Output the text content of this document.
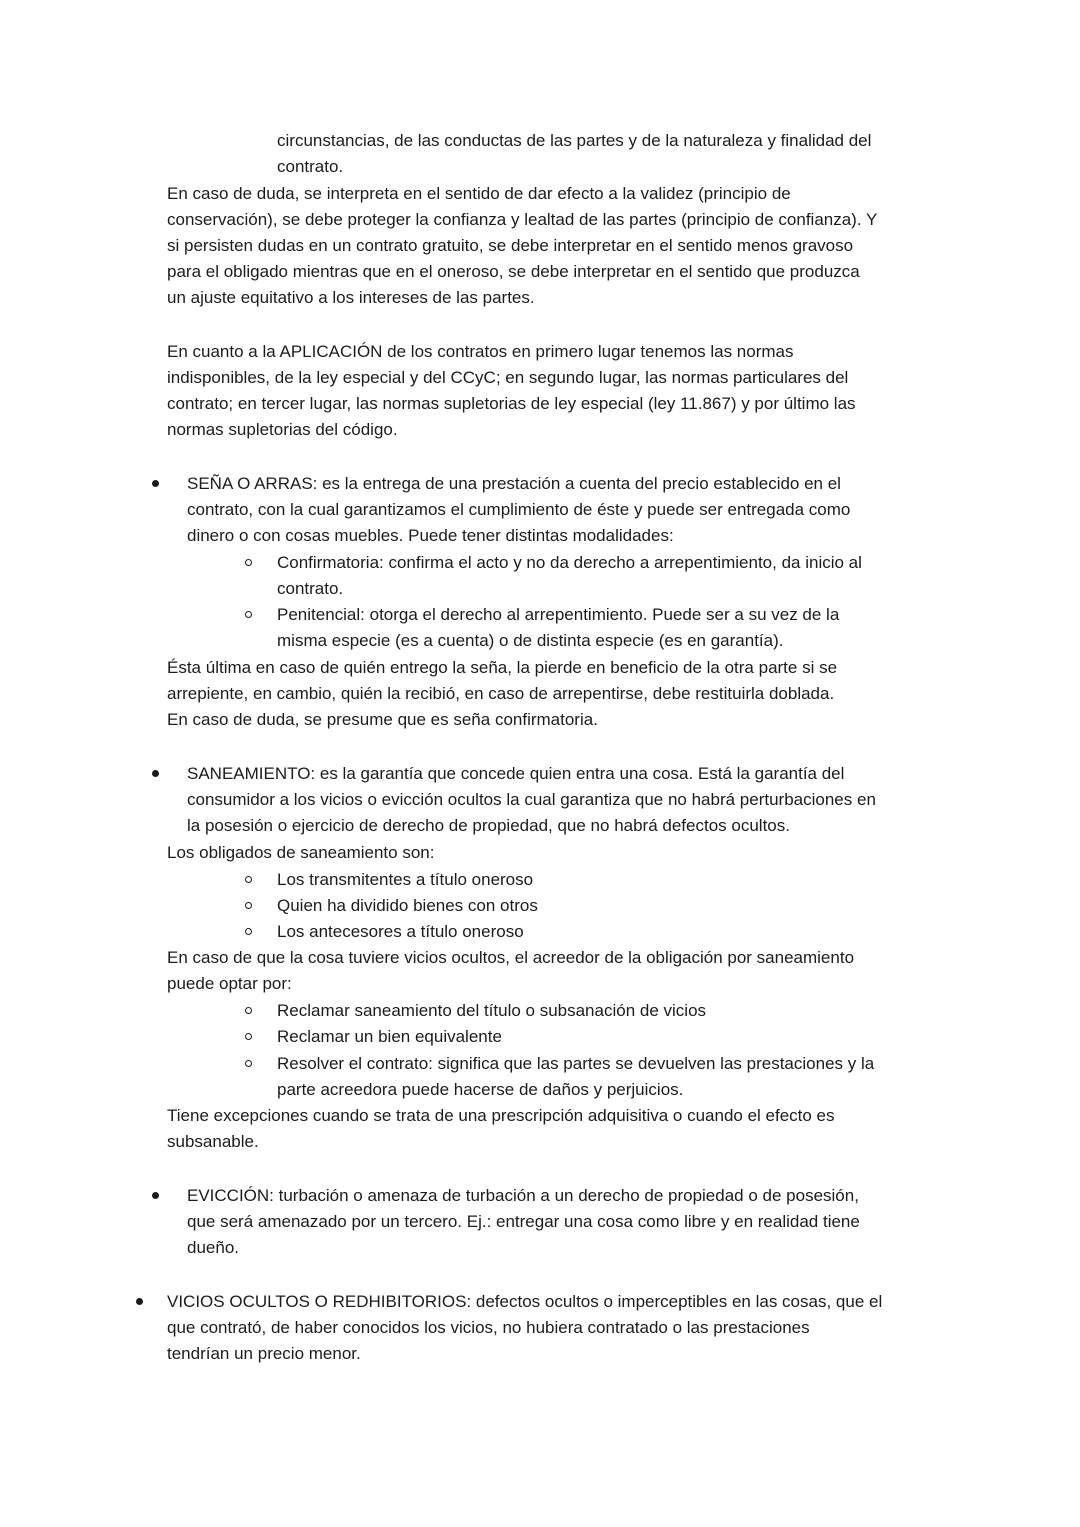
circunstancias, de las conductas de las partes y de la naturaleza y finalidad del

contrato.

En caso de duda, se interpreta en el sentido de dar efecto a la validez (principio de

conservación), se debe proteger la confianza y lealtad de las partes (principio de confianza). Y

si persisten dudas en un contrato gratuito, se debe interpretar en el sentido menos gravoso

para el obligado mientras que en el oneroso, se debe interpretar en el sentido que produzca

un ajuste equitativo a los intereses de las partes.

En cuanto a la APLICACIÓN de los contratos en primero lugar tenemos las normas

indisponibles, de la ley especial y del CCyC; en segundo lugar, las normas particulares del

contrato; en tercer lugar, las normas supletorias de ley especial (ley 11.867) y por último las

normas supletorias del código.

SEÑA O ARRAS: es la entrega de una prestación a cuenta del precio establecido en el

contrato, con la cual garantizamos el cumplimiento de éste y puede ser entregada como

dinero o con cosas muebles. Puede tener distintas modalidades:

Confirmatoria: confirma el acto y no da derecho a arrepentimiento, da inicio al

contrato.

Penitencial: otorga el derecho al arrepentimiento. Puede ser a su vez de la

misma especie (es a cuenta) o de distinta especie (es en garantía).

Ésta última en caso de quién entrego la seña, la pierde en beneficio de la otra parte si se

arrepiente, en cambio, quién la recibió, en caso de arrepentirse, debe restituirla doblada.

En caso de duda, se presume que es seña confirmatoria.

SANEAMIENTO: es la garantía que concede quien entra una cosa. Está la garantía del

consumidor a los vicios o evicción ocultos la cual garantiza que no habrá perturbaciones en

la posesión o ejercicio de derecho de propiedad, que no habrá defectos ocultos.

Los obligados de saneamiento son:

Los transmitentes a título oneroso

Quien ha dividido bienes con otros

Los antecesores a título oneroso

En caso de que la cosa tuviere vicios ocultos, el acreedor de la obligación por saneamiento

puede optar por:

Reclamar saneamiento del título o subsanación de vicios

Reclamar un bien equivalente

Resolver el contrato: significa que las partes se devuelven las prestaciones y la

parte acreedora puede hacerse de daños y perjuicios.

Tiene excepciones cuando se trata de una prescripción adquisitiva o cuando el efecto es

subsanable.

EVICCIÓN: turbación o amenaza de turbación a un derecho de propiedad o de posesión,

que será amenazado por un tercero. Ej.: entregar una cosa como libre y en realidad tiene

dueño.

VICIOS OCULTOS O REDHIBITORIOS: defectos ocultos o imperceptibles en las cosas, que el

que contrató, de haber conocidos los vicios, no hubiera contratado o las prestaciones

tendrían un precio menor.
